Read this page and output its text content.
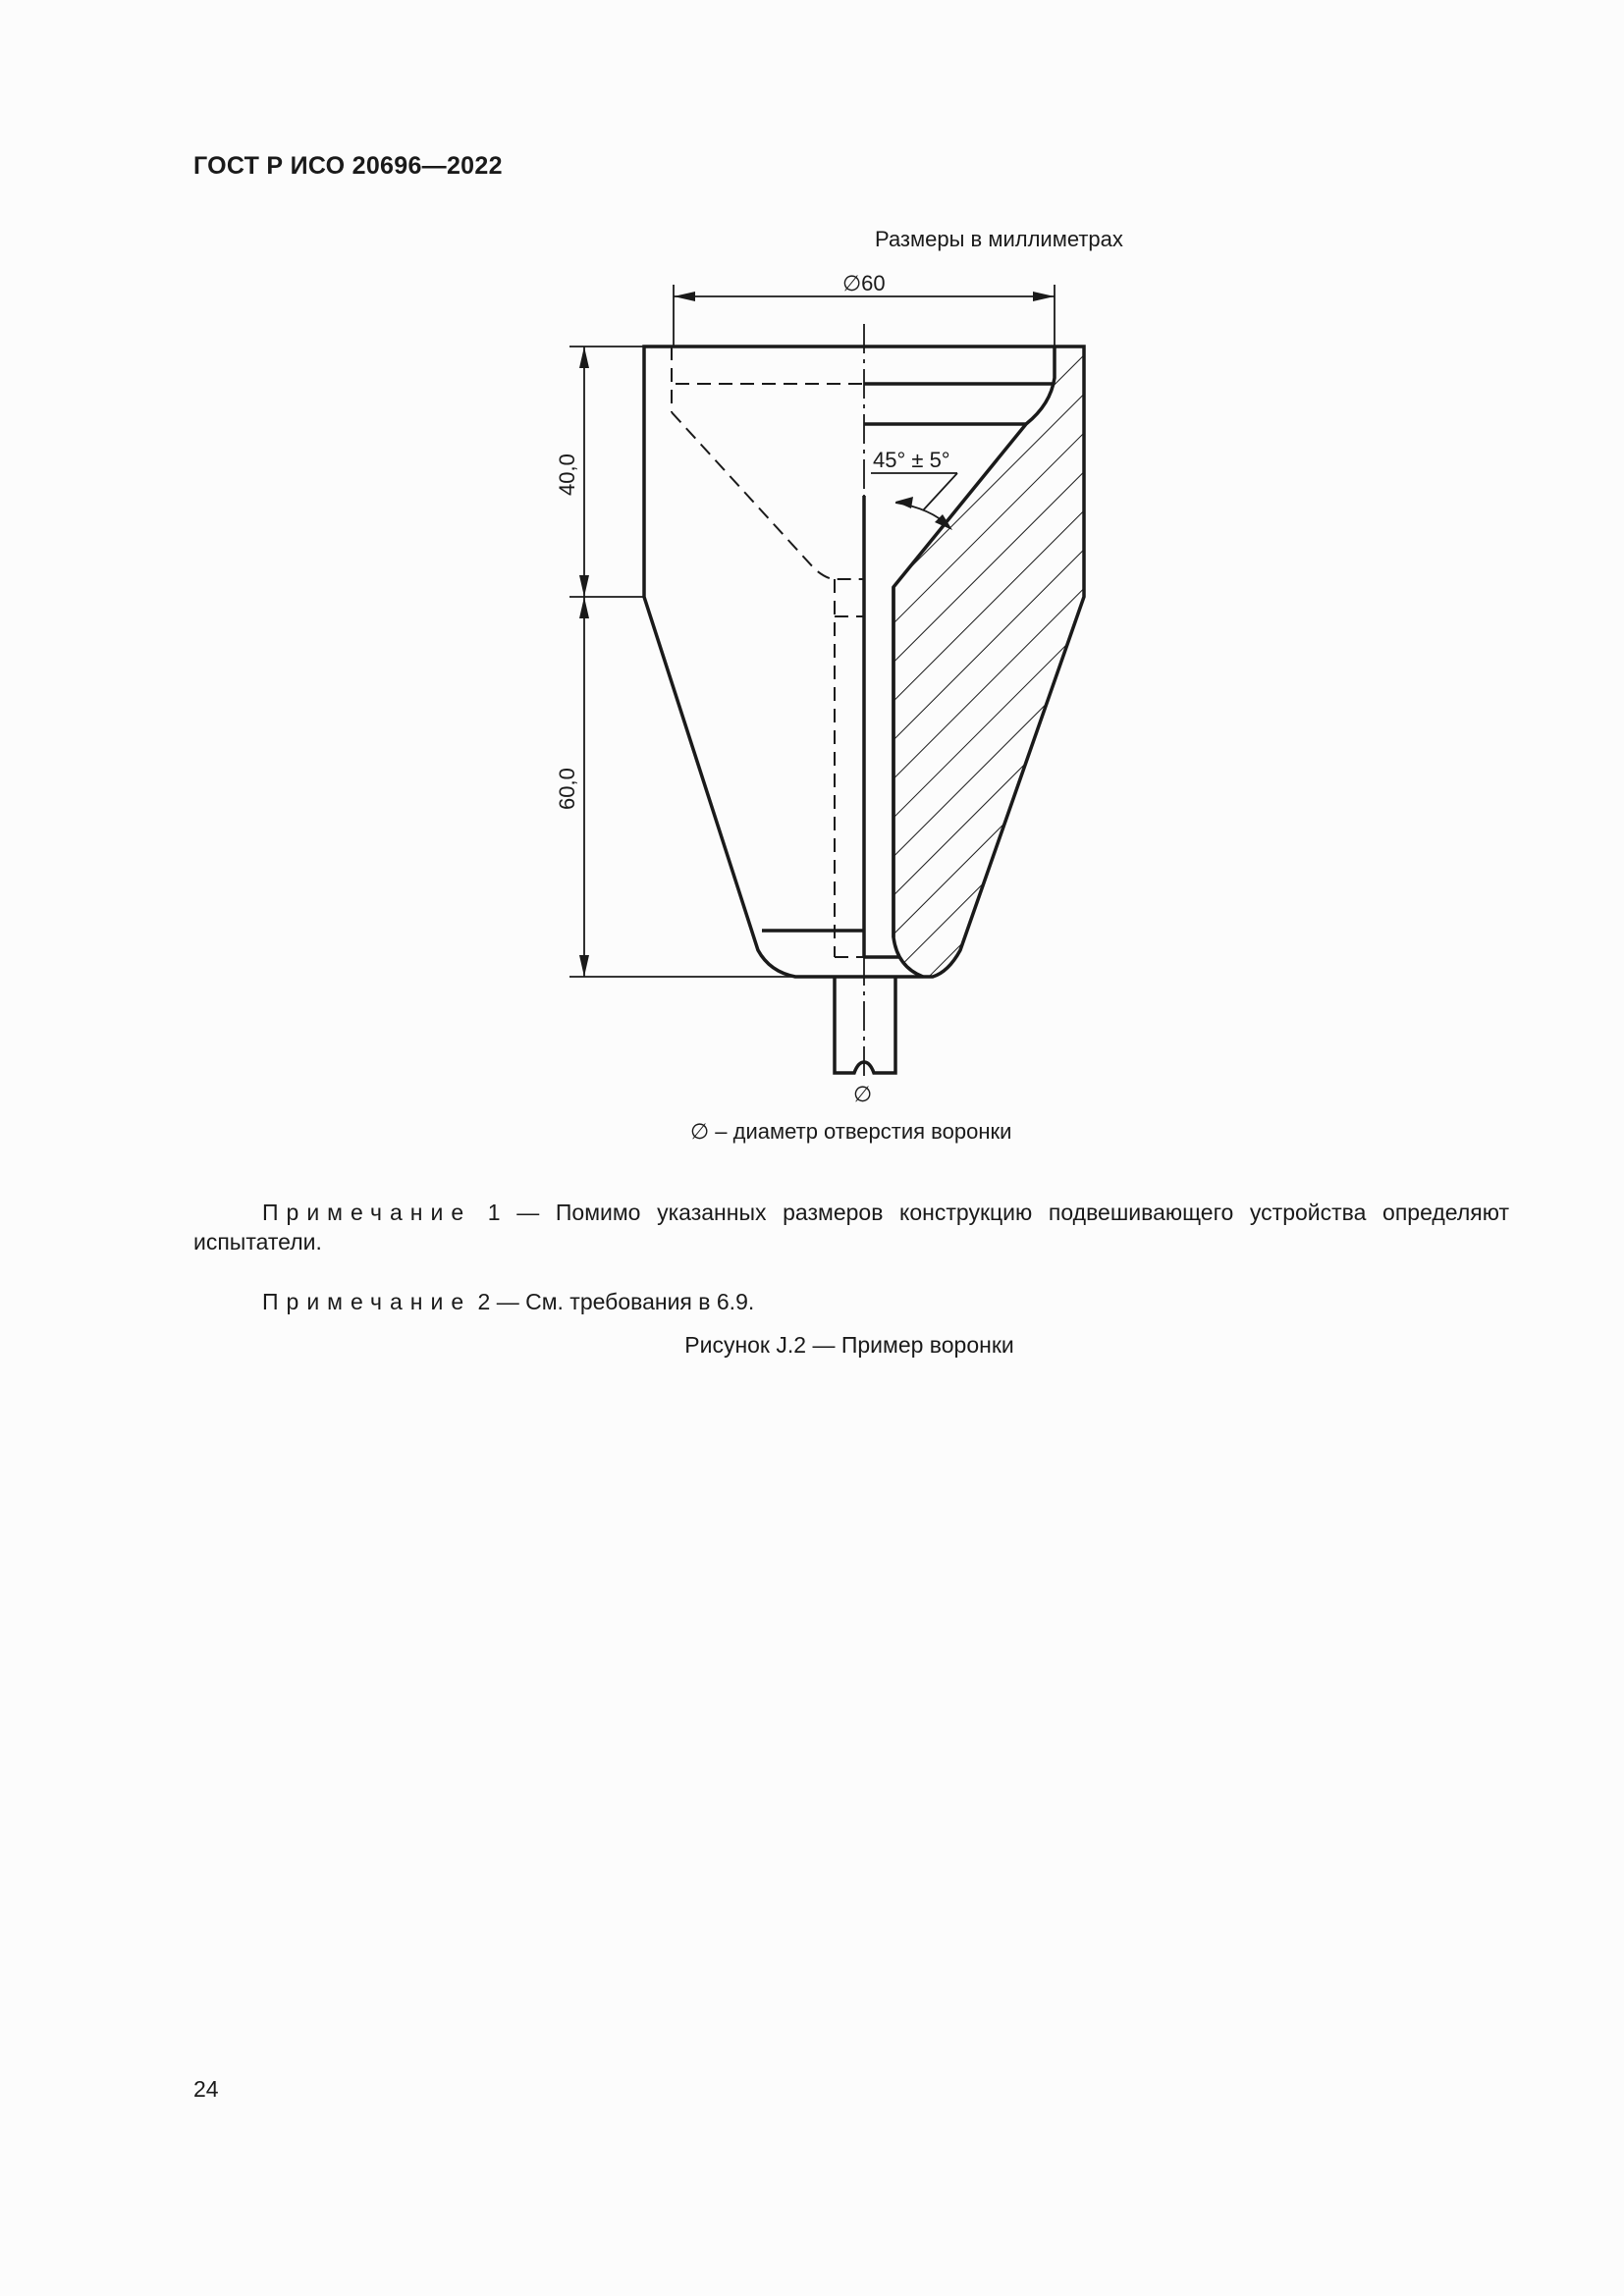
ГОСТ Р ИСО 20696—2022
Размеры в миллиметрах
∅60
40,0
60,0
45° ± 5°
∅
∅ – диаметр отверстия воронки
Примечание 1 — Помимо указанных размеров конструкцию подвешивающего устройства определяют испытатели.
Примечание 2 — См. требования в 6.9.
Рисунок J.2 — Пример воронки
24
